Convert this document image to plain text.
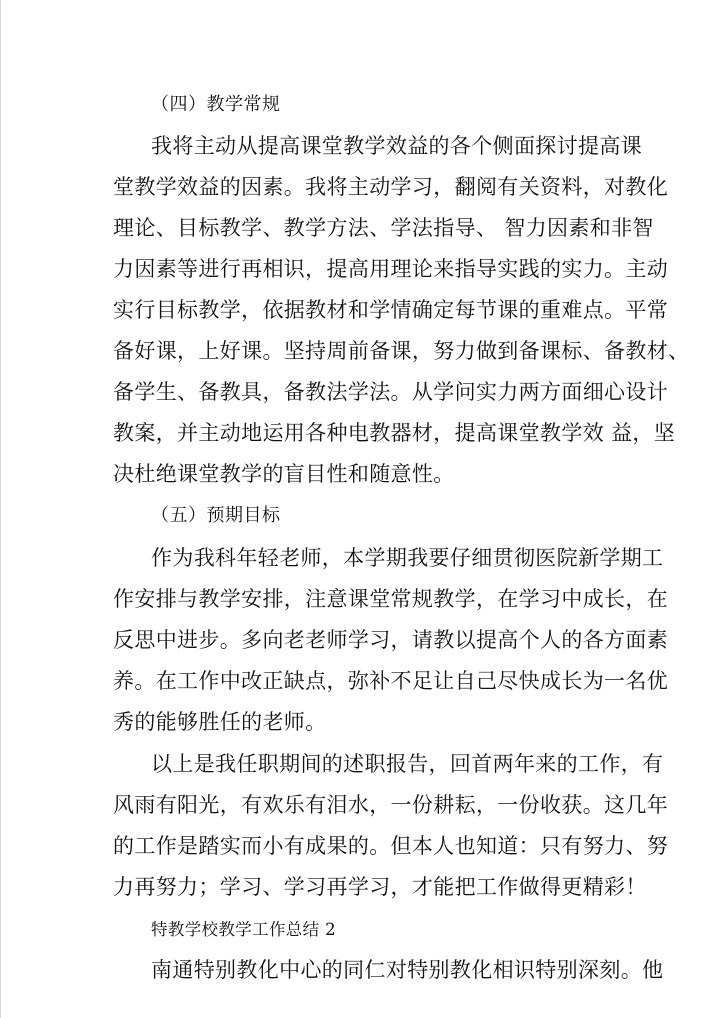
（四）教学常规
我将主动从提高课堂教学效益的各个侧面探讨提高课
堂教学效益的因素。我将主动学习，翻阅有关资料，对教化
理论、目标教学、教学方法、学法指导、 智力因素和非智
力因素等进行再相识，提高用理论来指导实践的实力。主动
实行目标教学，依据教材和学情确定每节课的重难点。平常
备好课，上好课。坚持周前备课，努力做到备课标、备教材、
备学生、备教具，备教法学法。从学问实力两方面细心设计
教案，并主动地运用各种电教器材，提高课堂教学效 益，坚
决杜绝课堂教学的盲目性和随意性。
（五）预期目标
作为我科年轻老师，本学期我要仔细贯彻医院新学期工
作安排与教学安排，注意课堂常规教学，在学习中成长，在
反思中进步。多向老老师学习，请教以提高个人的各方面素
养。在工作中改正缺点，弥补不足让自己尽快成长为一名优
秀的能够胜任的老师。
以上是我任职期间的述职报告，回首两年来的工作，有
风雨有阳光，有欢乐有泪水，一份耕耘，一份收获。这几年
的工作是踏实而小有成果的。但本人也知道：只有努力、努
力再努力；学习、学习再学习，才能把工作做得更精彩！
特教学校教学工作总结 2
南通特别教化中心的同仁对特别教化相识特别深刻。他
